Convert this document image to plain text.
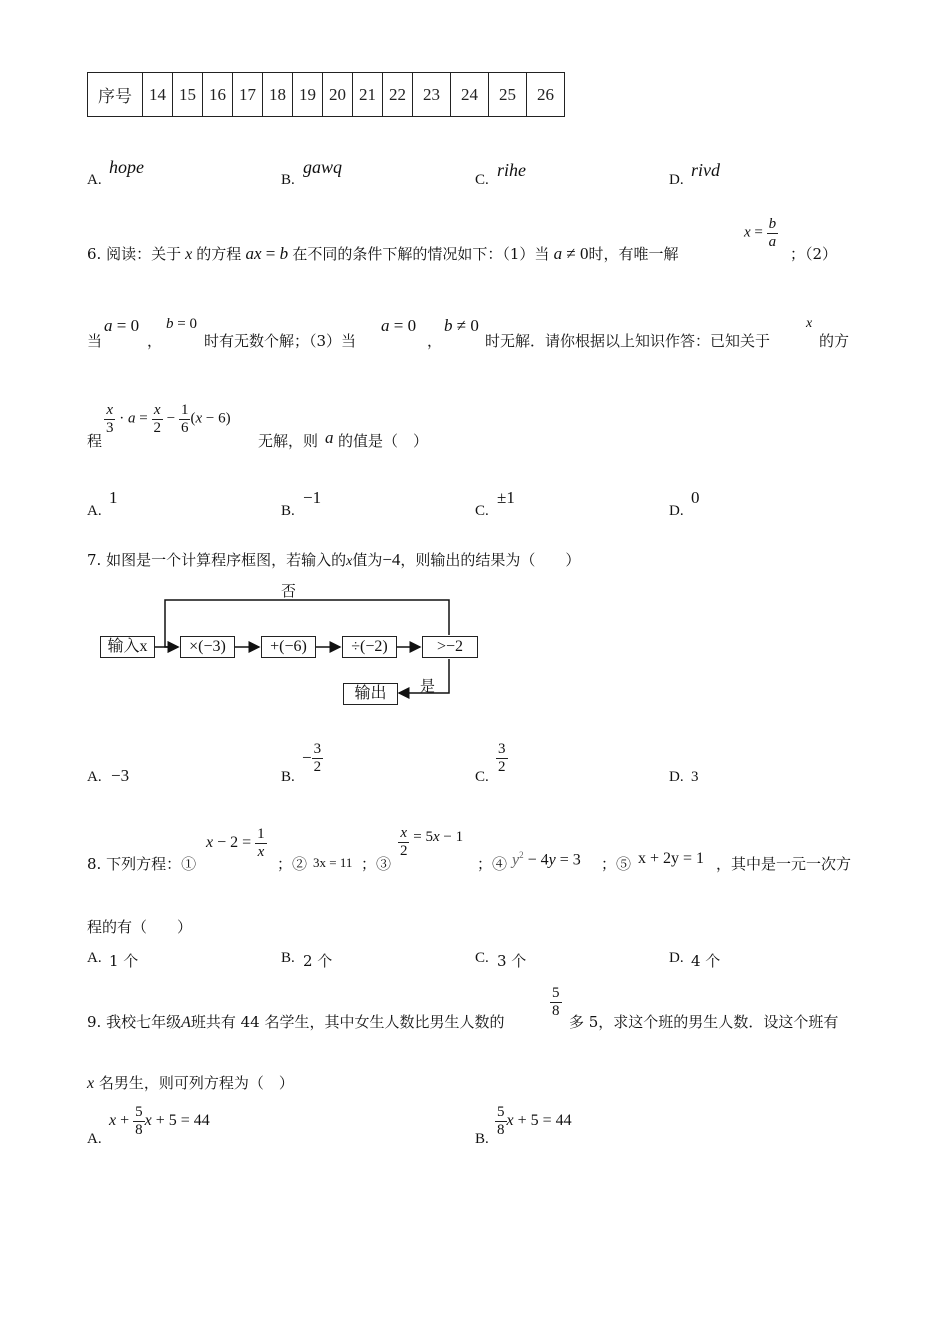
序号	14	15	16	17	18	19	20	21	22	23	24	25	26
A.
hope
B.
gawq
C. rihe	D. rivd
6. 阅读：关于 x 的方程 ax = b 在不同的条件下解的情况如下：（1）当 a ≠ 0时，有唯一解
$x = \frac{b}{a}$
；（2）
当
a = 0
，
b = 0
时有无数个解；（3）当
a = 0
，
b ≠ 0
时无解．请你根据以上知识作答：已知关于
x
的方
程
$\frac{x}{3} \cdot a = \frac{x}{2} - \frac{1}{6} (x - 6)$
无解，则 a 的值是（　）
A.
1
B.
−1
C.
±1
D.
0
7. 如图是一个计算程序框图，若输入的x值为−4，则输出的结果为（　　）
否
输入x	×(−3)	+(−6)	÷(−2)	>−2
是
输出
A. −3	B.
− $\frac{3}{2}$
C.
$\frac{3}{2}$
D. 3
8. 下列方程：①
$x - 2 = \frac{1}{x}$
；② 3x = 11 ；③
$\frac{x}{2} = 5x - 1$
；④ $y^2 - 4y = 3$ ；⑤ x + 2y = 1 ，其中是一元一次方
程的有（　　）
A. 1 个	B. 2 个	C. 3 个	D. 4 个
9. 我校七年级A班共有 44 名学生，其中女生人数比男生人数的
$\frac{5}{8}$
多 5，求这个班的男生人数．设这个班有
x 名男生，则可列方程为（　）
A.
$x + \frac{5}{8}$ x + 5 = 44
B.
$\frac{5}{8}$ x + 5 = 44
